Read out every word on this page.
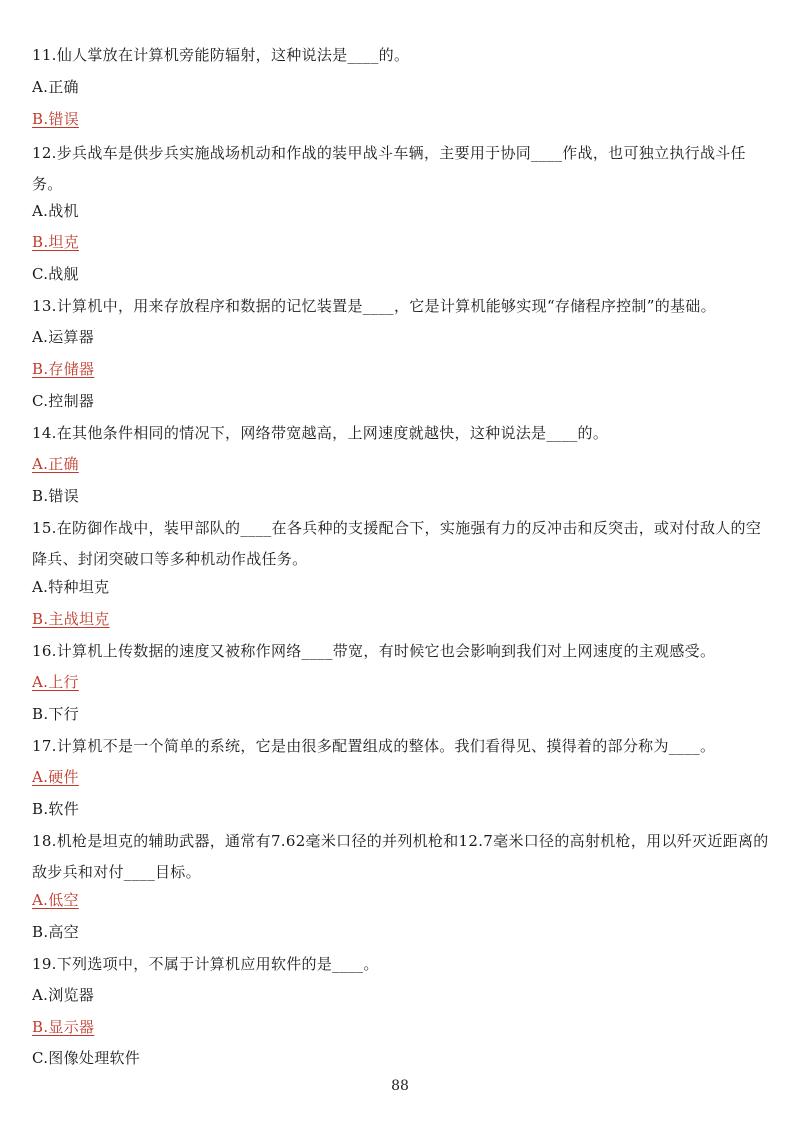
11.仙人掌放在计算机旁能防辐射，这种说法是____的。
A.正确
B.错误
12.步兵战车是供步兵实施战场机动和作战的装甲战斗车辆，主要用于协同____作战，也可独立执行战斗任务。
A.战机
B.坦克
C.战舰
13.计算机中，用来存放程序和数据的记忆装置是____，它是计算机能够实现“存储程序控制”的基础。
A.运算器
B.存储器
C.控制器
14.在其他条件相同的情况下，网络带宽越高，上网速度就越快，这种说法是____的。
A.正确
B.错误
15.在防御作战中，装甲部队的____在各兵种的支援配合下，实施强有力的反冲击和反突击，或对付敌人的空降兵、封闭突破口等多种机动作战任务。
A.特种坦克
B.主战坦克
16.计算机上传数据的速度又被称作网络____带宽，有时候它也会影响到我们对上网速度的主观感受。
A.上行
B.下行
17.计算机不是一个简单的系统，它是由很多配置组成的整体。我们看得见、摸得着的部分称为____。
A.硬件
B.软件
18.机枪是坦克的辅助武器，通常有7.62毫米口径的并列机枪和12.7毫米口径的高射机枪，用以歼灭近距离的敌步兵和对付____目标。
A.低空
B.高空
19.下列选项中，不属于计算机应用软件的是____。
A.浏览器
B.显示器
C.图像处理软件
88
